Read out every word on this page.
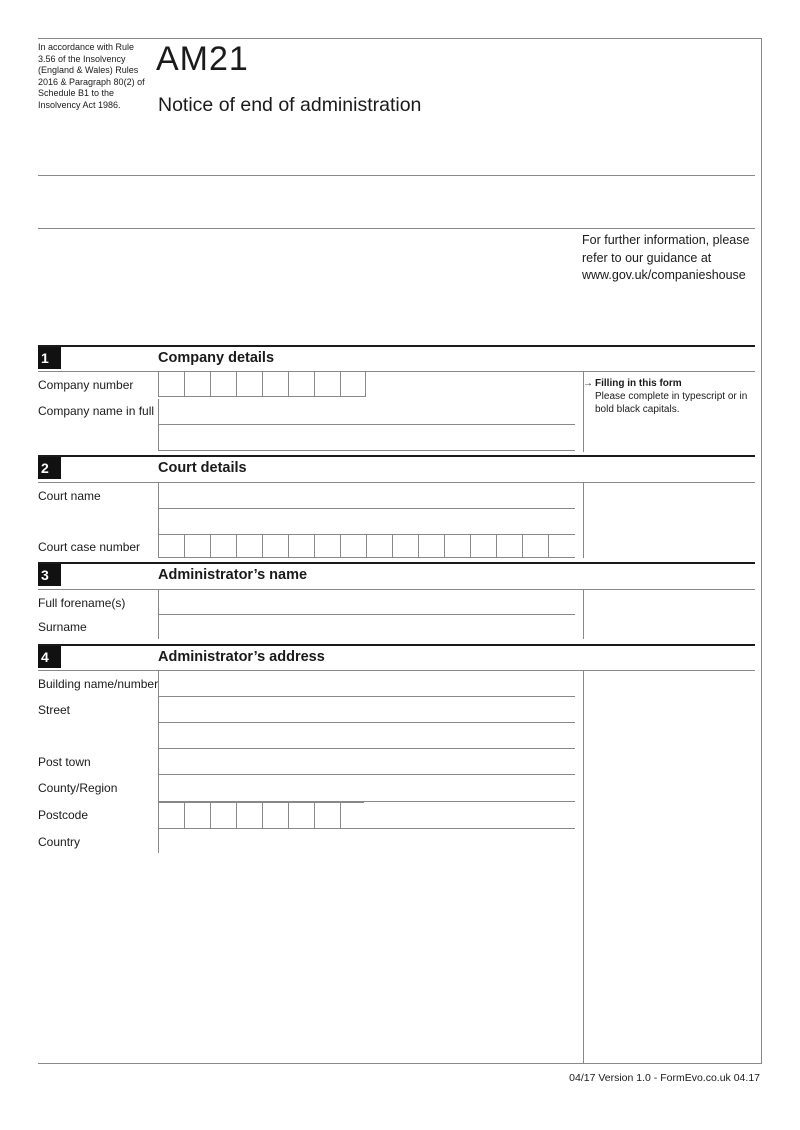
In accordance with Rule 3.56 of the Insolvency (England & Wales) Rules 2016 & Paragraph 80(2) of Schedule B1 to the Insolvency Act 1986.
AM21
Notice of end of administration
For further information, please
refer to our guidance at
www.gov.uk/companieshouse
1	Company details
Company number
Company name in full
→ Filling in this form
Please complete in typescript or in bold black capitals.
2	Court details
Court name
Court case number
3	Administrator’s name
Full forename(s)
Surname
4	Administrator’s address
Building name/number
Street
Post town
County/Region
Postcode
Country
04/17 Version 1.0 - FormEvo.co.uk 04.17
